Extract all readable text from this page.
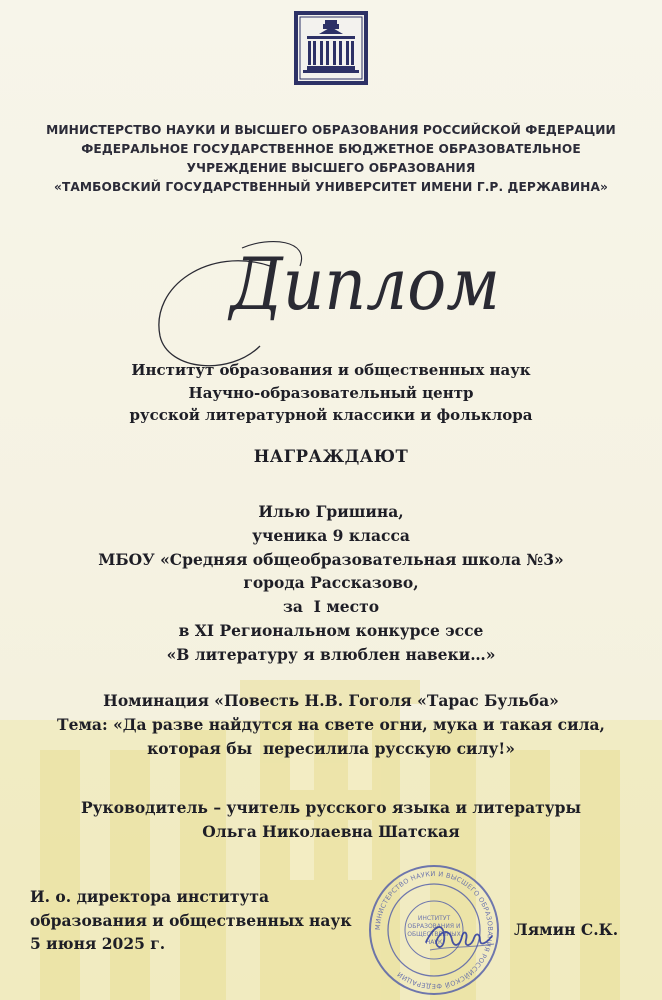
МИНИСТЕРСТВО НАУКИ И ВЫСШЕГО ОБРАЗОВАНИЯ РОССИЙСКОЙ ФЕДЕРАЦИИ
ФЕДЕРАЛЬНОЕ ГОСУДАРСТВЕННОЕ БЮДЖЕТНОЕ ОБРАЗОВАТЕЛЬНОЕ
УЧРЕЖДЕНИЕ ВЫСШЕГО ОБРАЗОВАНИЯ
«ТАМБОВСКИЙ ГОСУДАРСТВЕННЫЙ УНИВЕРСИТЕТ ИМЕНИ Г.Р. ДЕРЖАВИНА»
Диплом
Институт образования и общественных наук
Научно-образовательный центр
русской литературной классики и фольклора
НАГРАЖДАЮТ
Илью Гришина,
ученика 9 класса
МБОУ «Средняя общеобразовательная школа №3»
города Рассказово,
за  I место
в XI Региональном конкурсе эссе
«В литературу я влюблен навеки…»
Номинация «Повесть Н.В. Гоголя «Тарас Бульба»
Тема: «Да разве найдутся на свете огни, мука и такая сила,
которая бы  пересилила русскую силу!»
Руководитель – учитель русского языка и литературы
Ольга Николаевна Шатская
МИНИСТЕРСТВО НАУКИ И ВЫСШЕГО ОБРАЗОВАНИЯ РОССИЙСКОЙ ФЕДЕРАЦИИ
ИНСТИТУТ
ОБРАЗОВАНИЯ И
ОБЩЕСТВЕННЫХ
НАУК
И. о. директора института
образования и общественных наук
5 июня 2025 г.
Лямин С.К.
